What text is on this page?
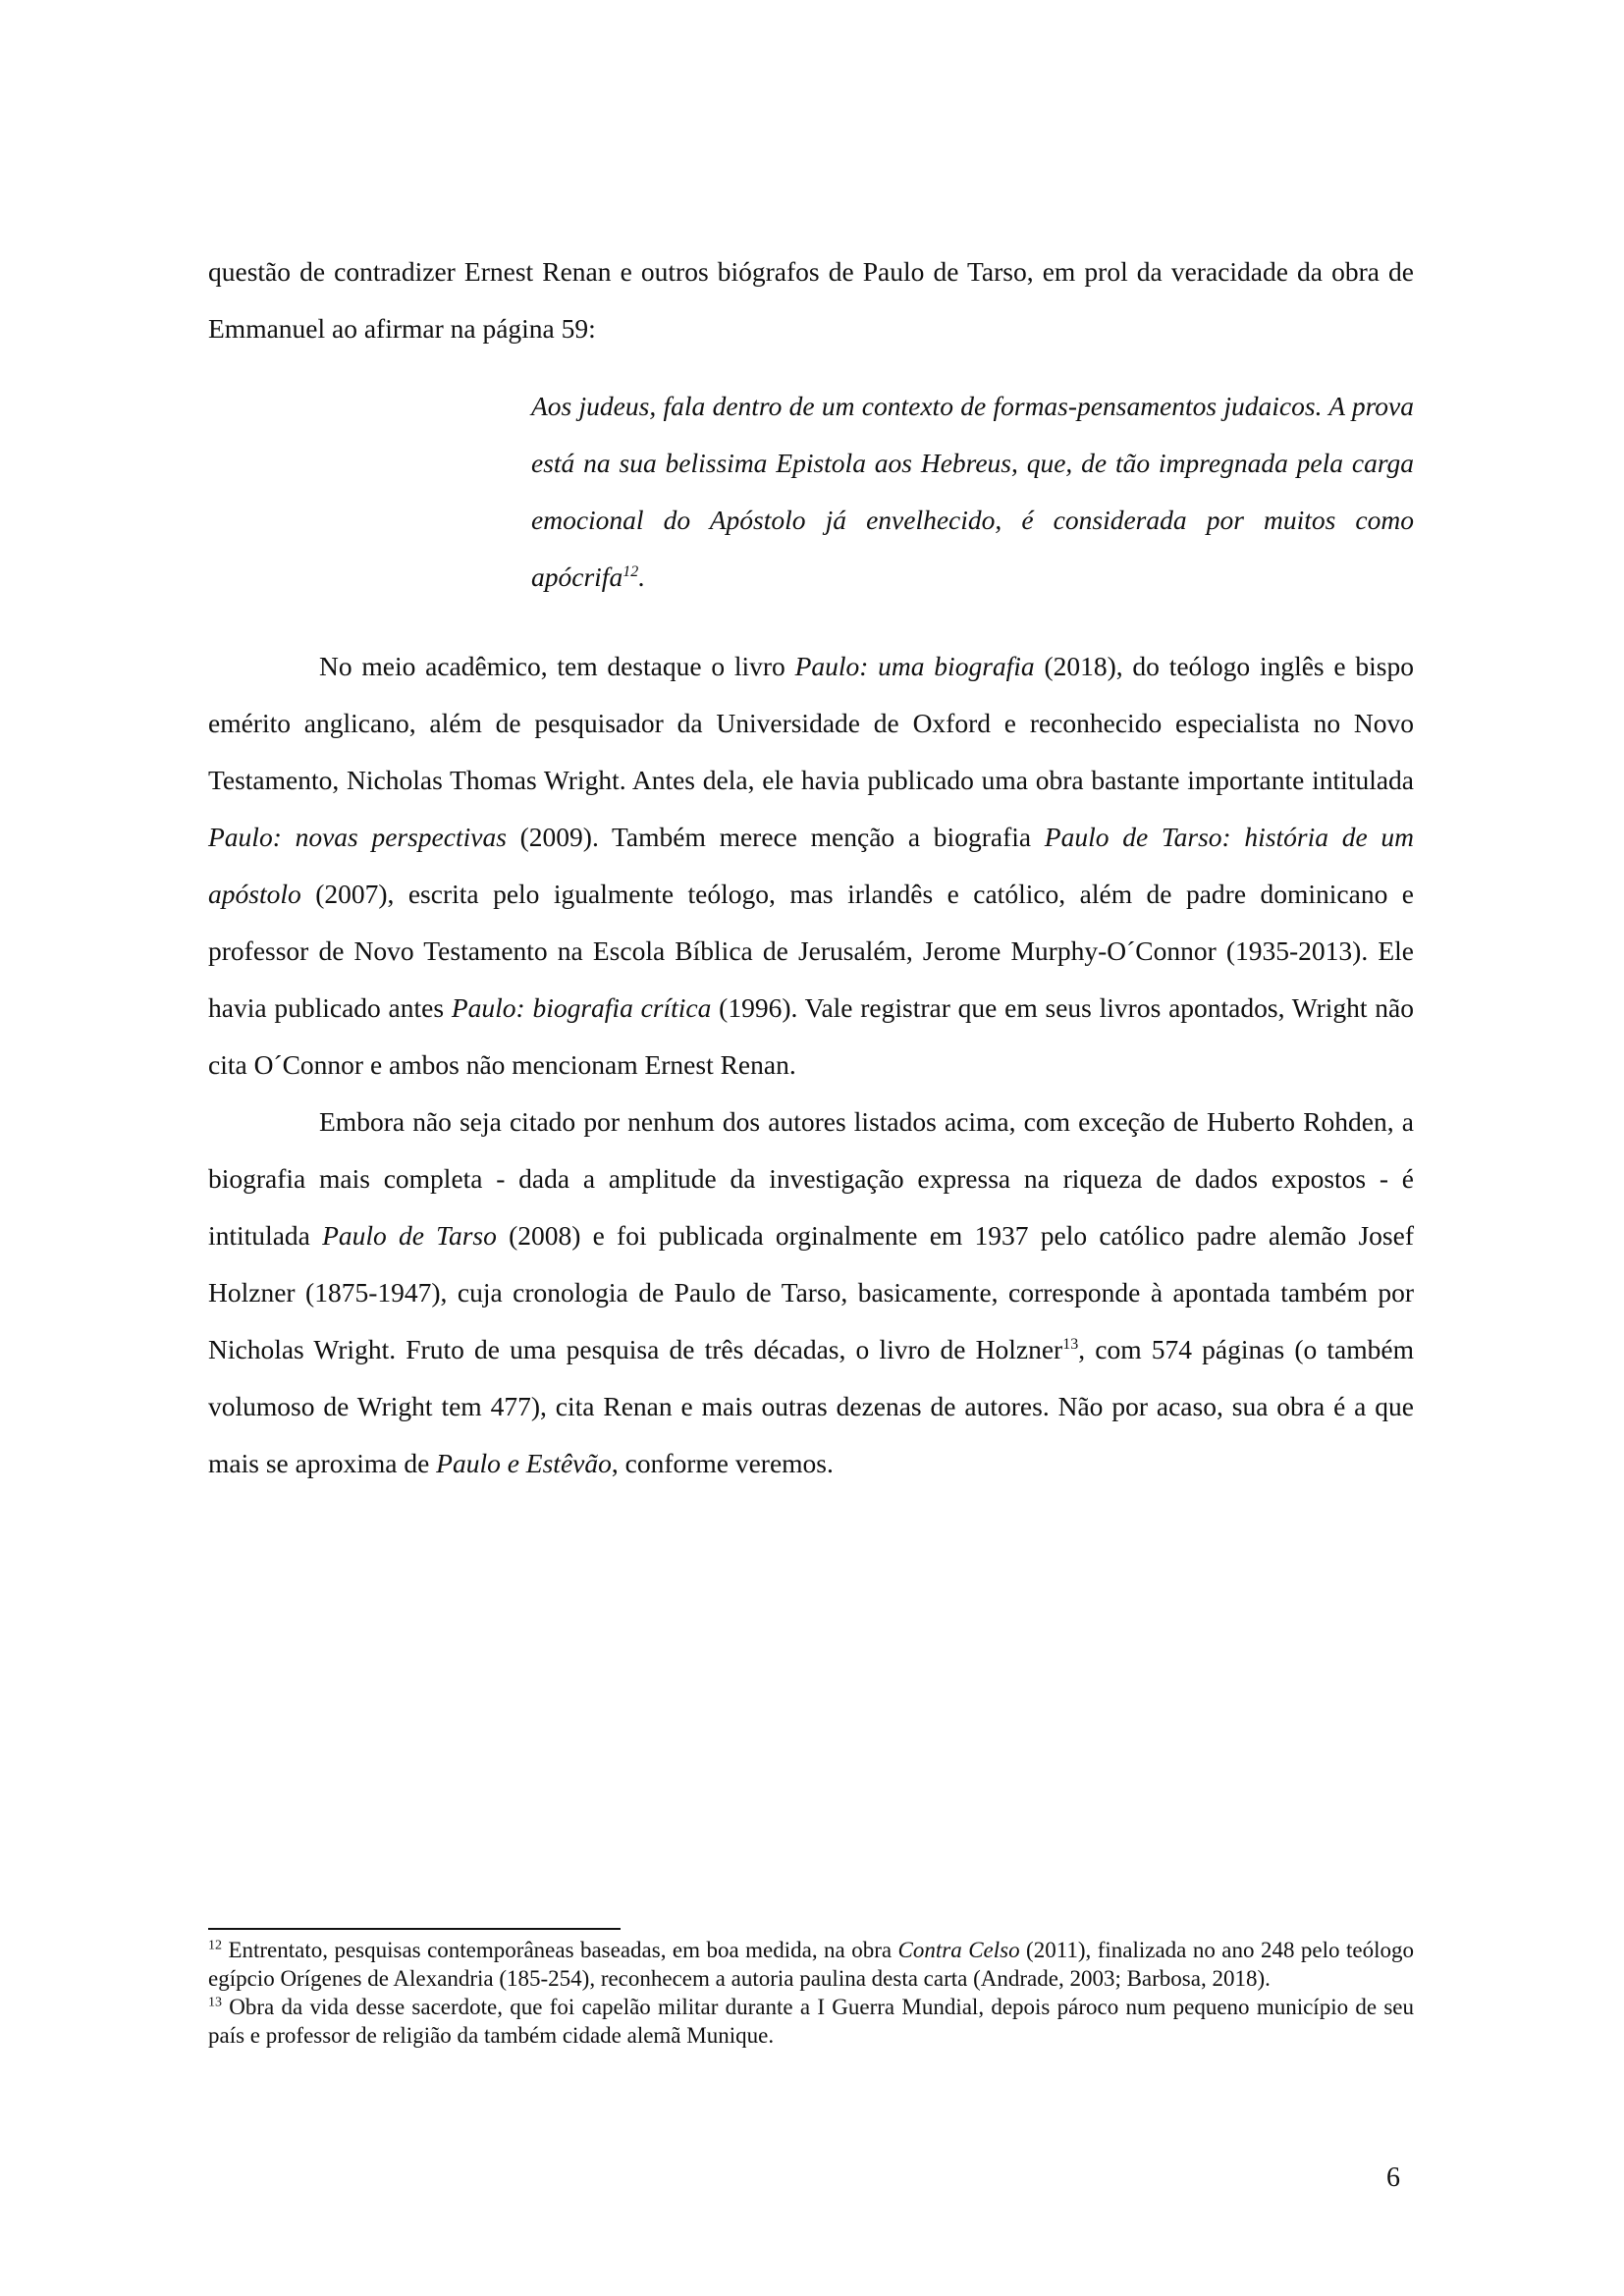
questão de contradizer Ernest Renan e outros biógrafos de Paulo de Tarso, em prol da veracidade da obra de Emmanuel ao afirmar na página 59:

Aos judeus, fala dentro de um contexto de formas-pensamentos judaicos. A prova está na sua belissima Epistola aos Hebreus, que, de tão impregnada pela carga emocional do Apóstolo já envelhecido, é considerada por muitos como apócrifa$^{12}$.

No meio acadêmico, tem destaque o livro Paulo: uma biografia (2018), do teólogo inglês e bispo emérito anglicano, além de pesquisador da Universidade de Oxford e reconhecido especialista no Novo Testamento, Nicholas Thomas Wright. Antes dela, ele havia publicado uma obra bastante importante intitulada Paulo: novas perspectivas (2009). Também merece menção a biografia Paulo de Tarso: história de um apóstolo (2007), escrita pelo igualmente teólogo, mas irlandês e católico, além de padre dominicano e professor de Novo Testamento na Escola Bíblica de Jerusalém, Jerome Murphy-O´Connor (1935-2013). Ele havia publicado antes Paulo: biografia crítica (1996). Vale registrar que em seus livros apontados, Wright não cita O´Connor e ambos não mencionam Ernest Renan.

Embora não seja citado por nenhum dos autores listados acima, com exceção de Huberto Rohden, a biografia mais completa - dada a amplitude da investigação expressa na riqueza de dados expostos - é intitulada Paulo de Tarso (2008) e foi publicada orginalmente em 1937 pelo católico padre alemão Josef Holzner (1875-1947), cuja cronologia de Paulo de Tarso, basicamente, corresponde à apontada também por Nicholas Wright. Fruto de uma pesquisa de três décadas, o livro de Holzner$^{13}$, com 574 páginas (o também volumoso de Wright tem 477), cita Renan e mais outras dezenas de autores. Não por acaso, sua obra é a que mais se aproxima de Paulo e Estêvão, conforme veremos.

$^{12}$ Entrentato, pesquisas contemporâneas baseadas, em boa medida, na obra Contra Celso (2011), finalizada no ano 248 pelo teólogo egípcio Orígenes de Alexandria (185-254), reconhecem a autoria paulina desta carta (Andrade, 2003; Barbosa, 2018).

$^{13}$ Obra da vida desse sacerdote, que foi capelão militar durante a I Guerra Mundial, depois pároco num pequeno município de seu país e professor de religião da também cidade alemã Munique.

6
